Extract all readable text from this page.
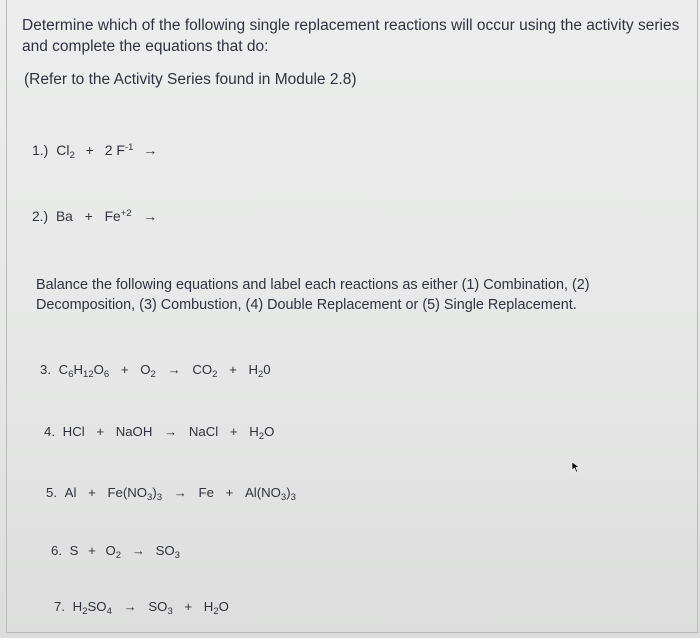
Determine which of the following single replacement reactions will occur using the activity series
and complete the equations that do:
(Refer to the Activity Series found in Module 2.8)
1.) $Cl_2 + 2$ $F^{-1}$ →
2.) $Ba + Fe^{+2}$ →
Balance the following equations and label each reactions as either (1) Combination, (2)
Decomposition, (3) Combustion, (4) Double Replacement or (5) Single Replacement.
3. $C_6H_{12}O_6 + O_2 \to CO_2 + H_20$
4. HCl + NaOH → NaCl + $H_2O$
5. $Al + Fe(NO_3)_3 \to Fe + Al(NO_3)_3$
6. $S + O_2 \to SO_3$
7. $H_2SO_4 \to SO_3 + H_2O$
